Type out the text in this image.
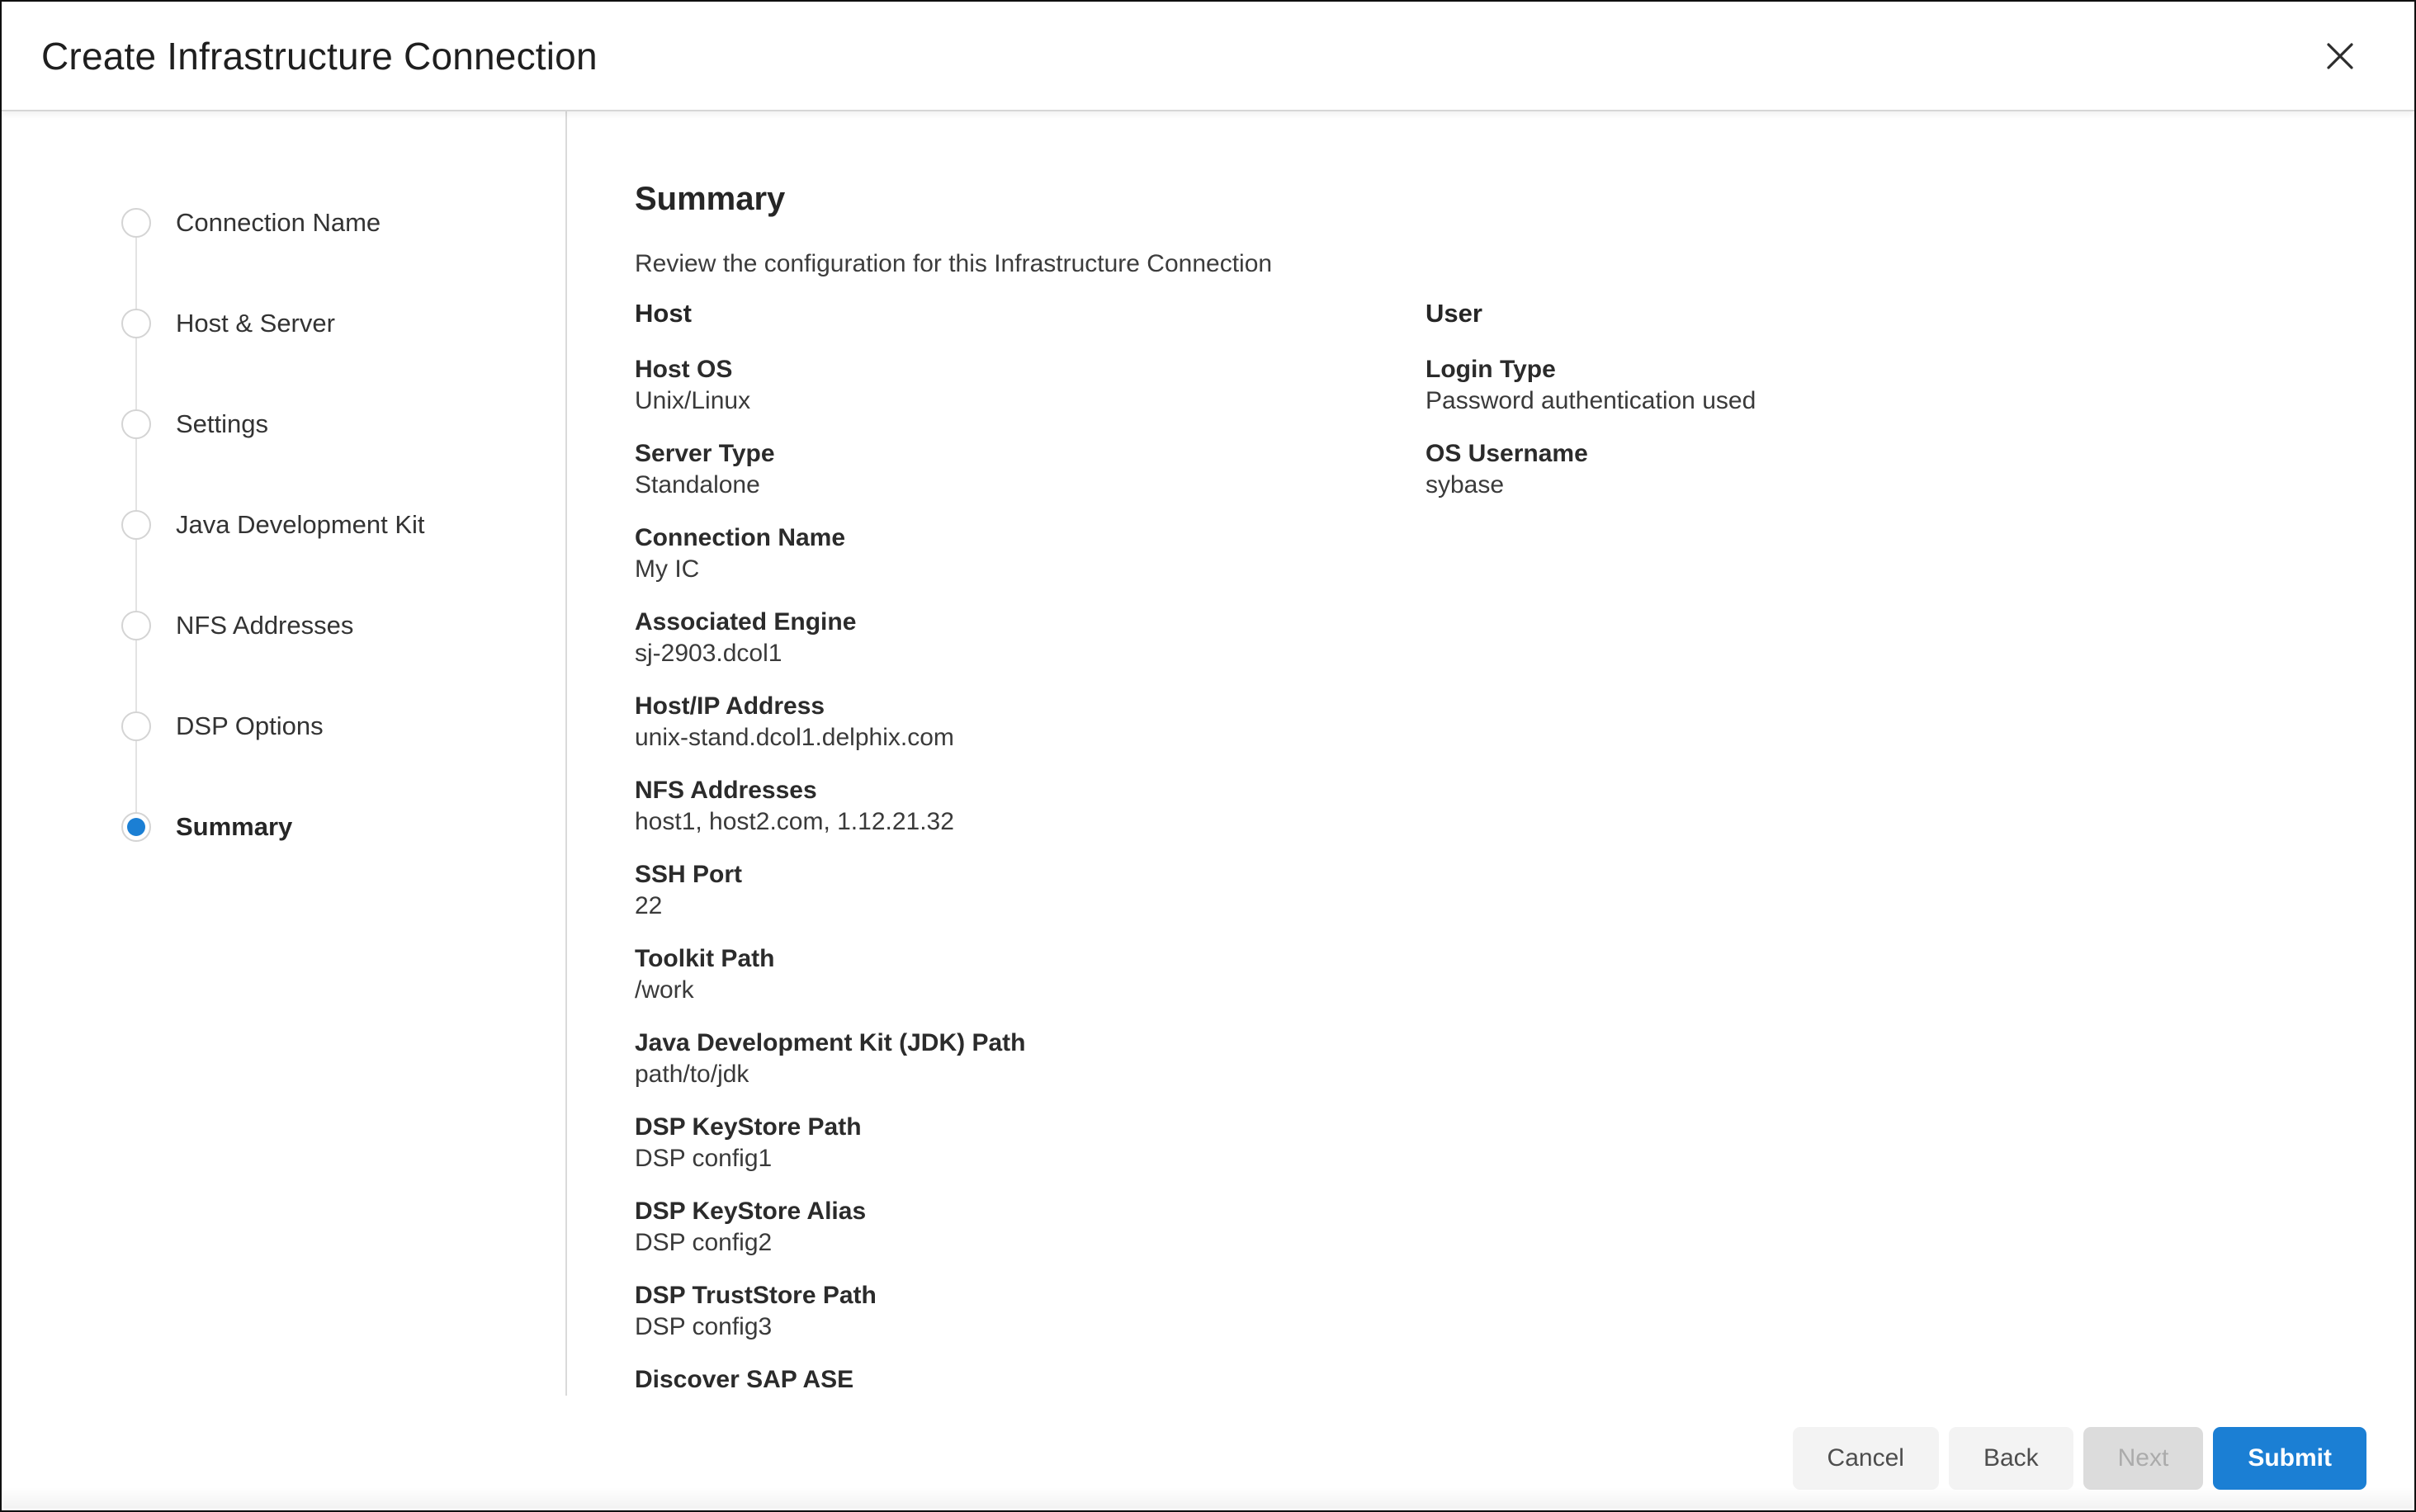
Create Infrastructure Connection
Connection Name
Host & Server
Settings
Java Development Kit
NFS Addresses
DSP Options
Summary
Summary

Review the configuration for this Infrastructure Connection

Host
Host OS
Unix/Linux
Server Type
Standalone
Connection Name
My IC
Associated Engine
sj-2903.dcol1
Host/IP Address
unix-stand.dcol1.delphix.com
NFS Addresses
host1, host2.com, 1.12.21.32
SSH Port
22
Toolkit Path
/work
Java Development Kit (JDK) Path
path/to/jdk
DSP KeyStore Path
DSP config1
DSP KeyStore Alias
DSP config2
DSP TrustStore Path
DSP config3
Discover SAP ASE
User
Login Type
Password authentication used
OS Username
sybase
Cancel	Back	Next	Submit
